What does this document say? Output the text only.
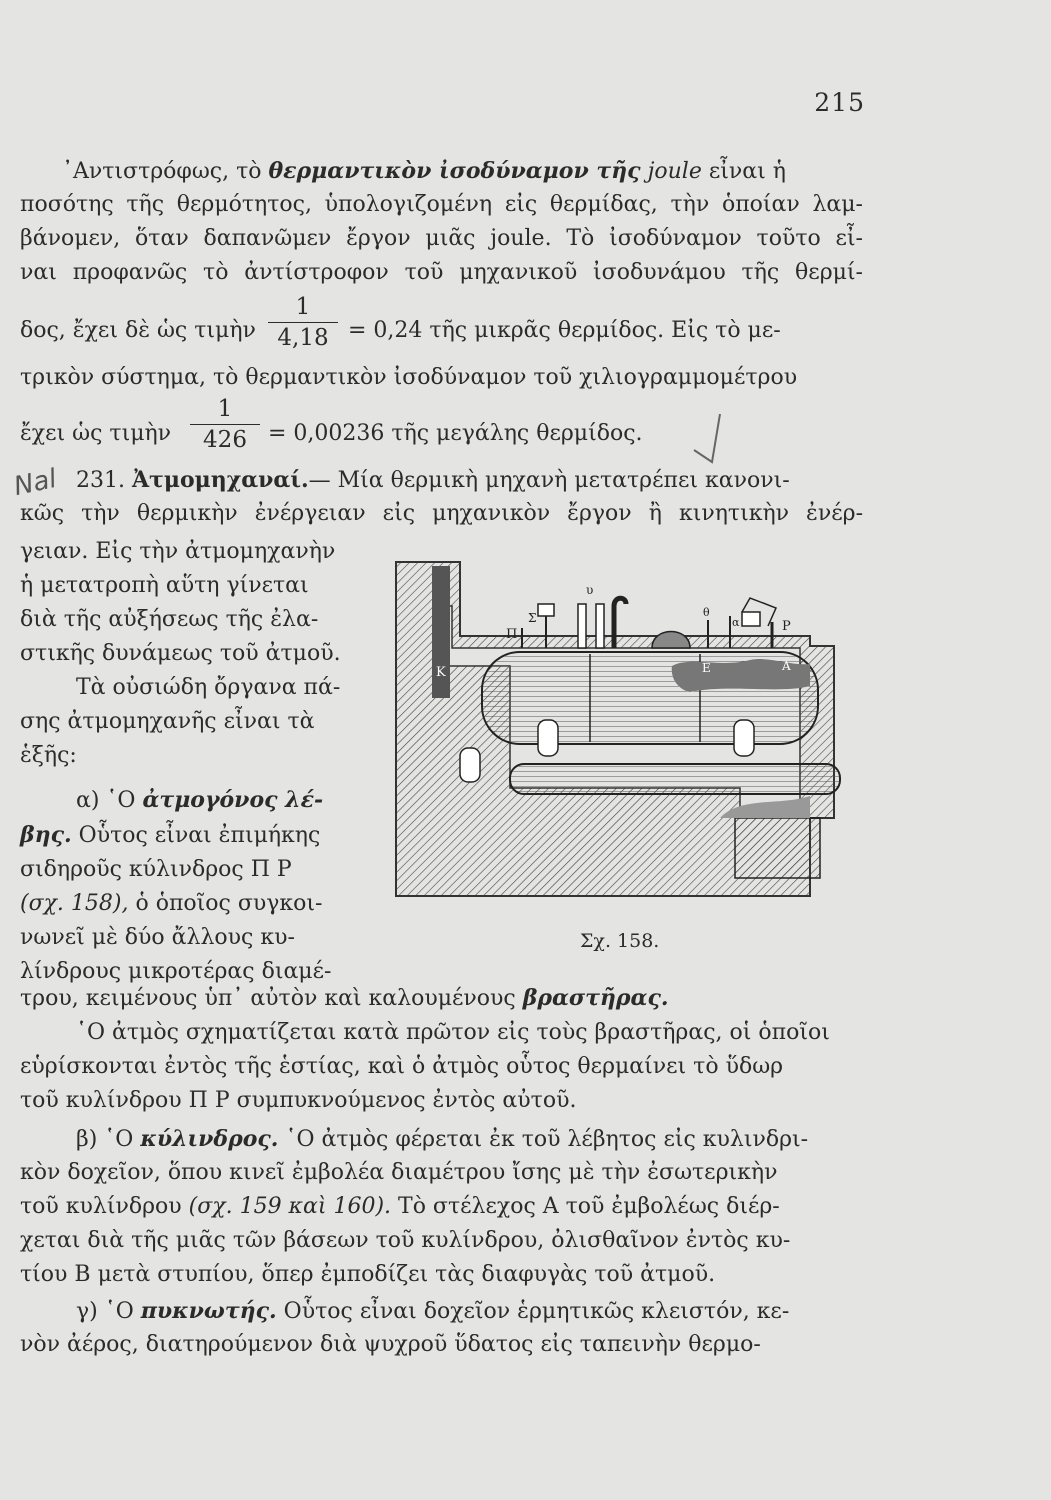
215
᾿Αντιστρόφως, τὸ θερμαντικὸν ἰσοδύναμον τῆς joule εἶναι ἡ
ποσότης τῆς θερμότητος, ὑπολογιζομένη εἰς θερμίδας, τὴν ὁποίαν λαμ-
βάνομεν, ὅταν δαπανῶμεν ἔργον μιᾶς joule. Τὸ ἰσοδύναμον τοῦτο εἶ-
ναι προφανῶς τὸ ἀντίστροφον τοῦ μηχανικοῦ ἰσοδυνάμου τῆς θερμί-
δος, ἔχει δὲ ὡς τιμὴν
1
4,18 = 0,24 τῆς μικρᾶς θερμίδος. Εἰς τὸ με-
τρικὸν σύστημα, τὸ θερμαντικὸν ἰσοδύναμον τοῦ χιλιογραμμομέτρου
ἔχει ὡς τιμὴν
1
426 = 0,00236 τῆς μεγάλης θερμίδος.
Nal 231. Ἀτμομηχαναί.— Μία θερμικὴ μηχανὴ μετατρέπει κανονι-
κῶς τὴν θερμικὴν ἐνέργειαν εἰς μηχανικὸν ἔργον ἢ κινητικὴν ἐνέρ-
γειαν. Εἰς τὴν ἀτμομηχανὴν
ἡ μετατροπὴ αὕτη γίνεται
διὰ τῆς αὐξήσεως τῆς ἐλα-
στικῆς δυνάμεως τοῦ ἀτμοῦ.
Τὰ οὐσιώδη ὄργανα πά-
σης ἀτμομηχανῆς εἶναι τὰ
ἑξῆς:
α) ῾Ο ἀτμογόνος λέ-
βης. Οὗτος εἶναι ἐπιμήκης
σιδηροῦς κύλινδρος Π Ρ
(σχ. 158), ὁ ὁποῖος συγκοι-
νωνεῖ μὲ δύο ἄλλους κυ-
λίνδρους μικροτέρας διαμέ-
τρου, κειμένους ὑπ᾿ αὐτὸν καὶ καλουμένους βραστῆρας.
K
Π
Σ
υ
θ
α	P
E	A
Σχ. 158.
῾Ο ἀτμὸς σχηματίζεται κατὰ πρῶτον εἰς τοὺς βραστῆρας, οἱ ὁποῖοι
εὑρίσκονται ἐντὸς τῆς ἑστίας, καὶ ὁ ἀτμὸς οὗτος θερμαίνει τὸ ὕδωρ
τοῦ κυλίνδρου Π Ρ συμπυκνούμενος ἐντὸς αὐτοῦ.
β) ῾Ο κύλινδρος. ῾Ο ἀτμὸς φέρεται ἐκ τοῦ λέβητος εἰς κυλινδρι-
κὸν δοχεῖον, ὅπου κινεῖ ἐμβολέα διαμέτρου ἴσης μὲ τὴν ἐσωτερικὴν
τοῦ κυλίνδρου (σχ. 159 καὶ 160). Τὸ στέλεχος Α τοῦ ἐμβολέως διέρ-
χεται διὰ τῆς μιᾶς τῶν βάσεων τοῦ κυλίνδρου, ὀλισθαῖνον ἐντὸς κυ-
τίου Β μετὰ στυπίου, ὅπερ ἐμποδίζει τὰς διαφυγὰς τοῦ ἀτμοῦ.
γ) ῾Ο πυκνωτής. Οὗτος εἶναι δοχεῖον ἑρμητικῶς κλειστόν, κε-
νὸν ἀέρος, διατηρούμενον διὰ ψυχροῦ ὕδατος εἰς ταπεινὴν θερμο-
